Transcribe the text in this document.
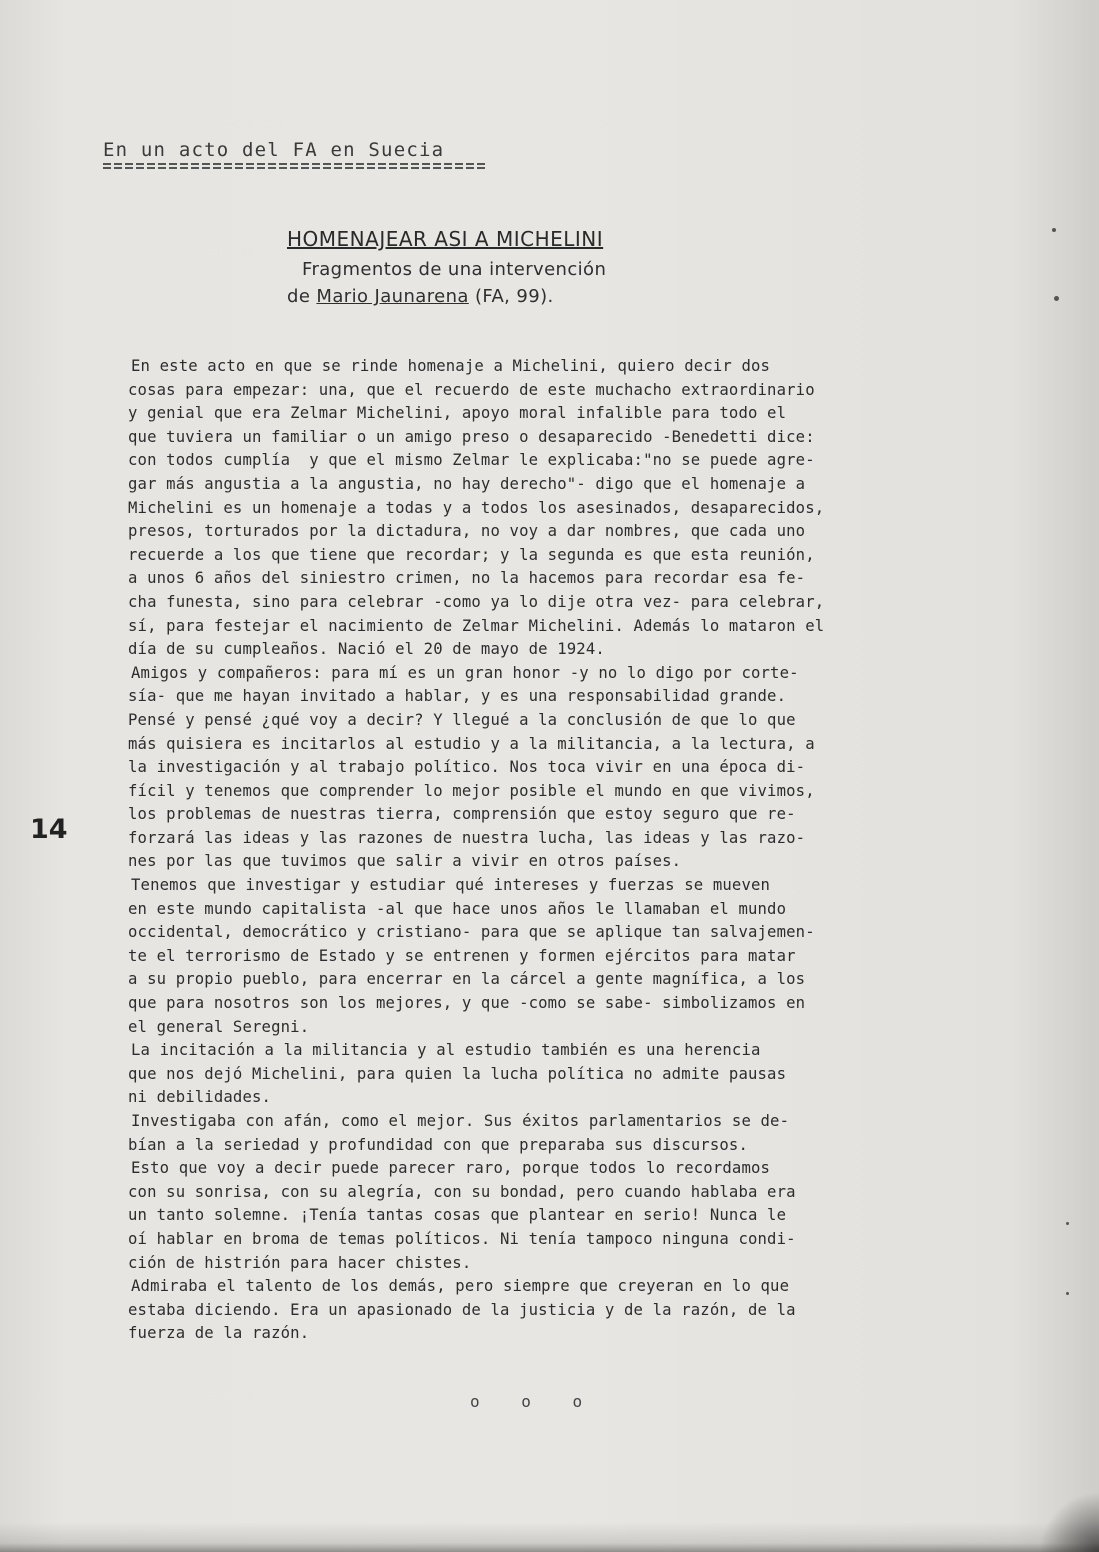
En un acto del FA en Suecia
HOMENAJEAR ASI A MICHELINI
Fragmentos de una intervención
de Mario Jaunarena (FA, 99).

En este acto en que se rinde homenaje a Michelini, quiero decir dos

cosas para empezar: una, que el recuerdo de este muchacho extraordinario

y genial que era Zelmar Michelini, apoyo moral infalible para todo el

que tuviera un familiar o un amigo preso o desaparecido -Benedetti dice:

con todos cumplía  y que el mismo Zelmar le explicaba:"no se puede agre-

gar más angustia a la angustia, no hay derecho"- digo que el homenaje a

Michelini es un homenaje a todas y a todos los asesinados, desaparecidos,

presos, torturados por la dictadura, no voy a dar nombres, que cada uno

recuerde a los que tiene que recordar; y la segunda es que esta reunión,

a unos 6 años del siniestro crimen, no la hacemos para recordar esa fe-

cha funesta, sino para celebrar -como ya lo dije otra vez- para celebrar,

sí, para festejar el nacimiento de Zelmar Michelini. Además lo mataron el

día de su cumpleaños. Nació el 20 de mayo de 1924.

Amigos y compañeros: para mí es un gran honor -y no lo digo por corte-

sía- que me hayan invitado a hablar, y es una responsabilidad grande.

Pensé y pensé ¿qué voy a decir? Y llegué a la conclusión de que lo que

más quisiera es incitarlos al estudio y a la militancia, a la lectura, a

la investigación y al trabajo político. Nos toca vivir en una época di-

fícil y tenemos que comprender lo mejor posible el mundo en que vivimos,

los problemas de nuestras tierra, comprensión que estoy seguro que re-

forzará las ideas y las razones de nuestra lucha, las ideas y las razo-

nes por las que tuvimos que salir a vivir en otros países.

Tenemos que investigar y estudiar qué intereses y fuerzas se mueven

en este mundo capitalista -al que hace unos años le llamaban el mundo

occidental, democrático y cristiano- para que se aplique tan salvajemen-

te el terrorismo de Estado y se entrenen y formen ejércitos para matar

a su propio pueblo, para encerrar en la cárcel a gente magnífica, a los

que para nosotros son los mejores, y que -como se sabe- simbolizamos en

el general Seregni.

La incitación a la militancia y al estudio también es una herencia

que nos dejó Michelini, para quien la lucha política no admite pausas

ni debilidades.

Investigaba con afán, como el mejor. Sus éxitos parlamentarios se de-

bían a la seriedad y profundidad con que preparaba sus discursos.

Esto que voy a decir puede parecer raro, porque todos lo recordamos

con su sonrisa, con su alegría, con su bondad, pero cuando hablaba era

un tanto solemne. ¡Tenía tantas cosas que plantear en serio! Nunca le

oí hablar en broma de temas políticos. Ni tenía tampoco ninguna condi-

ción de histrión para hacer chistes.

Admiraba el talento de los demás, pero siempre que creyeran en lo que

estaba diciendo. Era un apasionado de la justicia y de la razón, de la

fuerza de la razón.

14
o o o
